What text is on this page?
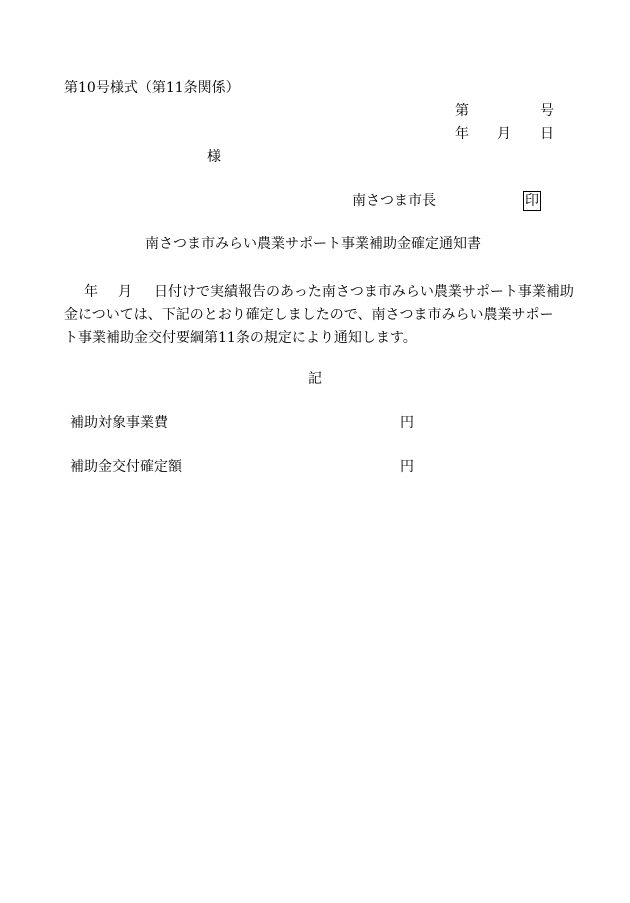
第10号様式（第11条関係）
第	号
年 月 日
様
南さつま市長	印
南さつま市みらい農業サポート事業補助金確定通知書
年 月 日付けで実績報告のあった南さつま市みらい農業サポート事業補助
金については、下記のとおり確定しましたので、南さつま市みらい農業サポー
ト事業補助金交付要綱第11条の規定により通知します。
記
補助対象事業費	円
補助金交付確定額	円
